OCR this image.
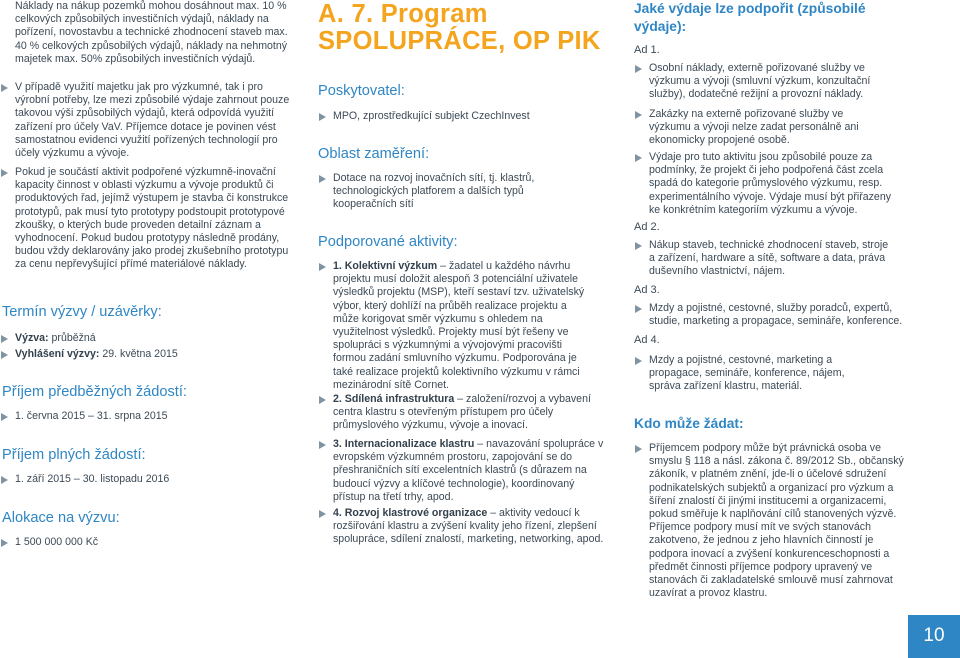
Náklady na nákup pozemků mohou dosáhnout max. 10 % celkových způsobilých investičních výdajů, náklady na pořízení, novostavbu a technické zhodnocení staveb max. 40 % celkových způsobilých výdajů, náklady na nehmotný majetek max. 50% způsobilých investičních výdajů.
V případě využití majetku jak pro výzkumné, tak i pro výrobní potřeby, lze mezi způsobilé výdaje zahrnout pouze takovou výši způsobilých výdajů, která odpovídá využití zařízení pro účely VaV. Příjemce dotace je povinen vést samostatnou evidenci využití pořízených technologií pro účely výzkumu a vývoje.
Pokud je součástí aktivit podpořené výzkumně-inovační kapacity činnost v oblasti výzkumu a vývoje produktů či produktových řad, jejímž výstupem je stavba či konstrukce prototypů, pak musí tyto prototypy podstoupit prototypové zkoušky, o kterých bude proveden detailní záznam a vyhodnocení. Pokud budou prototypy následně prodány, budou vždy deklarovány jako prodej zkušebního prototypu za cenu nepřevyšující přímé materiálové náklady.
Termín výzvy / uzávěrky:
Výzva: průběžná
Vyhlášení výzvy: 29. května 2015
Příjem předběžných žádostí:
1. června 2015 – 31. srpna 2015
Příjem plných žádostí:
1. září 2015 – 30. listopadu 2016
Alokace na výzvu:
1 500 000 000 Kč
A. 7. Program
SPOLUPRÁCE, OP PIK
Poskytovatel:
MPO, zprostředkující subjekt CzechInvest
Oblast zaměření:
Dotace na rozvoj inovačních sítí, tj. klastrů, technologických platforem a dalších typů kooperačních sítí
Podporované aktivity:
1. Kolektivní výzkum – žadatel u každého návrhu projektu musí doložit alespoň 3 potenciální uživatele výsledků projektu (MSP), kteří sestaví tzv. uživatelský výbor, který dohlíží na průběh realizace projektu a může korigovat směr výzkumu s ohledem na využitelnost výsledků. Projekty musí být řešeny ve spolupráci s výzkumnými a vývojovými pracovišti formou zadání smluvního výzkumu. Podporována je také realizace projektů kolektivního výzkumu v rámci mezinárodní sítě Cornet.
2. Sdílená infrastruktura – založení/rozvoj a vybavení centra klastru s otevřeným přístupem pro účely průmyslového výzkumu, vývoje a inovací.
3. Internacionalizace klastru – navazování spolupráce v evropském výzkumném prostoru, zapojování se do přeshraničních sítí excelentních klastrů (s důrazem na budoucí výzvy a klíčové technologie), koordinovaný přístup na třetí trhy, apod.
4. Rozvoj klastrové organizace – aktivity vedoucí k rozšiřování klastru a zvýšení kvality jeho řízení, zlepšení spolupráce, sdílení znalostí, marketing, networking, apod.
Jaké výdaje lze podpořit (způsobilé výdaje):
Ad 1.
Osobní náklady, externě pořizované služby ve výzkumu a vývoji (smluvní výzkum, konzultační služby), dodatečné režijní a provozní náklady.
Zakázky na externě pořizované služby ve výzkumu a vývoji nelze zadat personálně ani ekonomicky propojené osobě.
Výdaje pro tuto aktivitu jsou způsobilé pouze za podmínky, že projekt či jeho podpořená část zcela spadá do kategorie průmyslového výzkumu, resp. experimentálního vývoje. Výdaje musí být přiřazeny ke konkrétním kategoriím výzkumu a vývoje.
Ad 2.
Nákup staveb, technické zhodnocení staveb, stroje a zařízení, hardware a sítě, software a data, práva duševního vlastnictví, nájem.
Ad 3.
Mzdy a pojistné, cestovné, služby poradců, expertů, studie, marketing a propagace, semináře, konference.
Ad 4.
Mzdy a pojistné, cestovné, marketing a propagace, semináře, konference, nájem, správa zařízení klastru, materiál.
Kdo může žádat:
Příjemcem podpory může být právnická osoba ve smyslu § 118 a násl. zákona č. 89/2012 Sb., občanský zákoník, v platném znění, jde-li o účelové sdružení podnikatelských subjektů a organizací pro výzkum a šíření znalostí či jinými institucemi a organizacemi, pokud směřuje k naplňování cílů stanovených výzvě. Příjemce podpory musí mít ve svých stanovách zakotveno, že jednou z jeho hlavních činností je podpora inovací a zvýšení konkurenceschopnosti a předmět činnosti příjemce podpory upravený ve stanovách či zakladatelské smlouvě musí zahrnovat uzavírat a provoz klastru.
10
